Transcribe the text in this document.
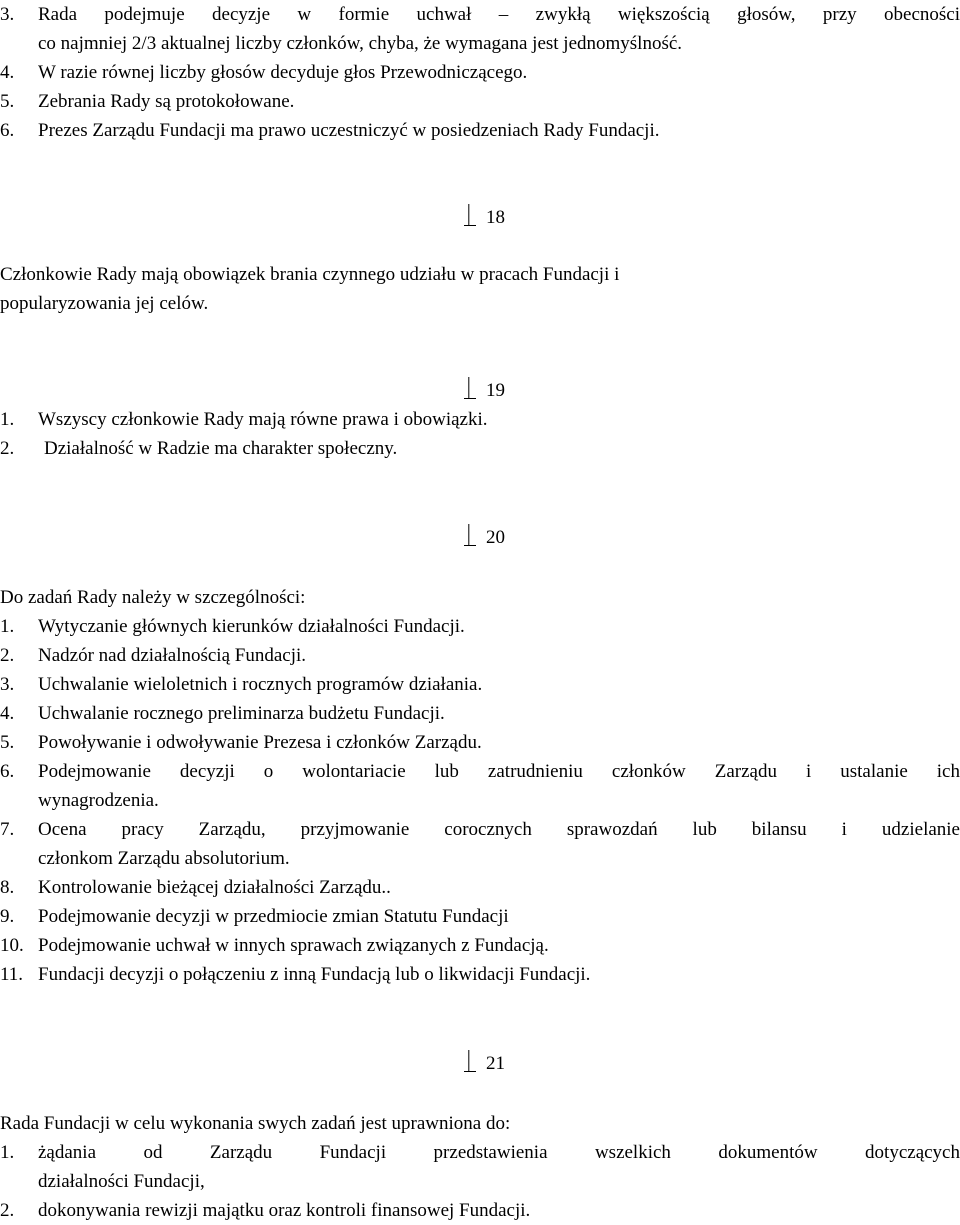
3. Rada podejmuje decyzje w formie uchwał – zwykłą większością głosów, przy obecności
co najmniej 2/3 aktualnej liczby członków, chyba, że wymagana jest jednomyślność.
4. W razie równej liczby głosów decyduje głos Przewodniczącego.
5. Zebrania Rady są protokołowane.
6. Prezes Zarządu Fundacji ma prawo uczestniczyć w posiedzeniach Rady Fundacji.
18
Członkowie Rady mają obowiązek brania czynnego udziału w pracach Fundacji i
popularyzowania jej celów.
19
1. Wszyscy członkowie Rady mają równe prawa i obowiązki.
2. Działalność w Radzie ma charakter społeczny.
20
Do zadań Rady należy w szczególności:
1. Wytyczanie głównych kierunków działalności Fundacji.
2. Nadzór nad działalnością Fundacji.
3. Uchwalanie wieloletnich i rocznych programów działania.
4. Uchwalanie rocznego preliminarza budżetu Fundacji.
5. Powoływanie i odwoływanie Prezesa i członków Zarządu.
6. Podejmowanie decyzji o wolontariacie lub zatrudnieniu członków Zarządu i ustalanie ich
wynagrodzenia.
7. Ocena pracy Zarządu, przyjmowanie corocznych sprawozdań lub bilansu i udzielanie
członkom Zarządu absolutorium.
8. Kontrolowanie bieżącej działalności Zarządu..
9. Podejmowanie decyzji w przedmiocie zmian Statutu Fundacji
10. Podejmowanie uchwał w innych sprawach związanych z Fundacją.
11. Fundacji decyzji o połączeniu z inną Fundacją lub o likwidacji Fundacji.
21
Rada Fundacji w celu wykonania swych zadań jest uprawniona do:
1. żądania od Zarządu Fundacji przedstawienia wszelkich dokumentów dotyczących
działalności Fundacji,
2. dokonywania rewizji majątku oraz kontroli finansowej Fundacji.
